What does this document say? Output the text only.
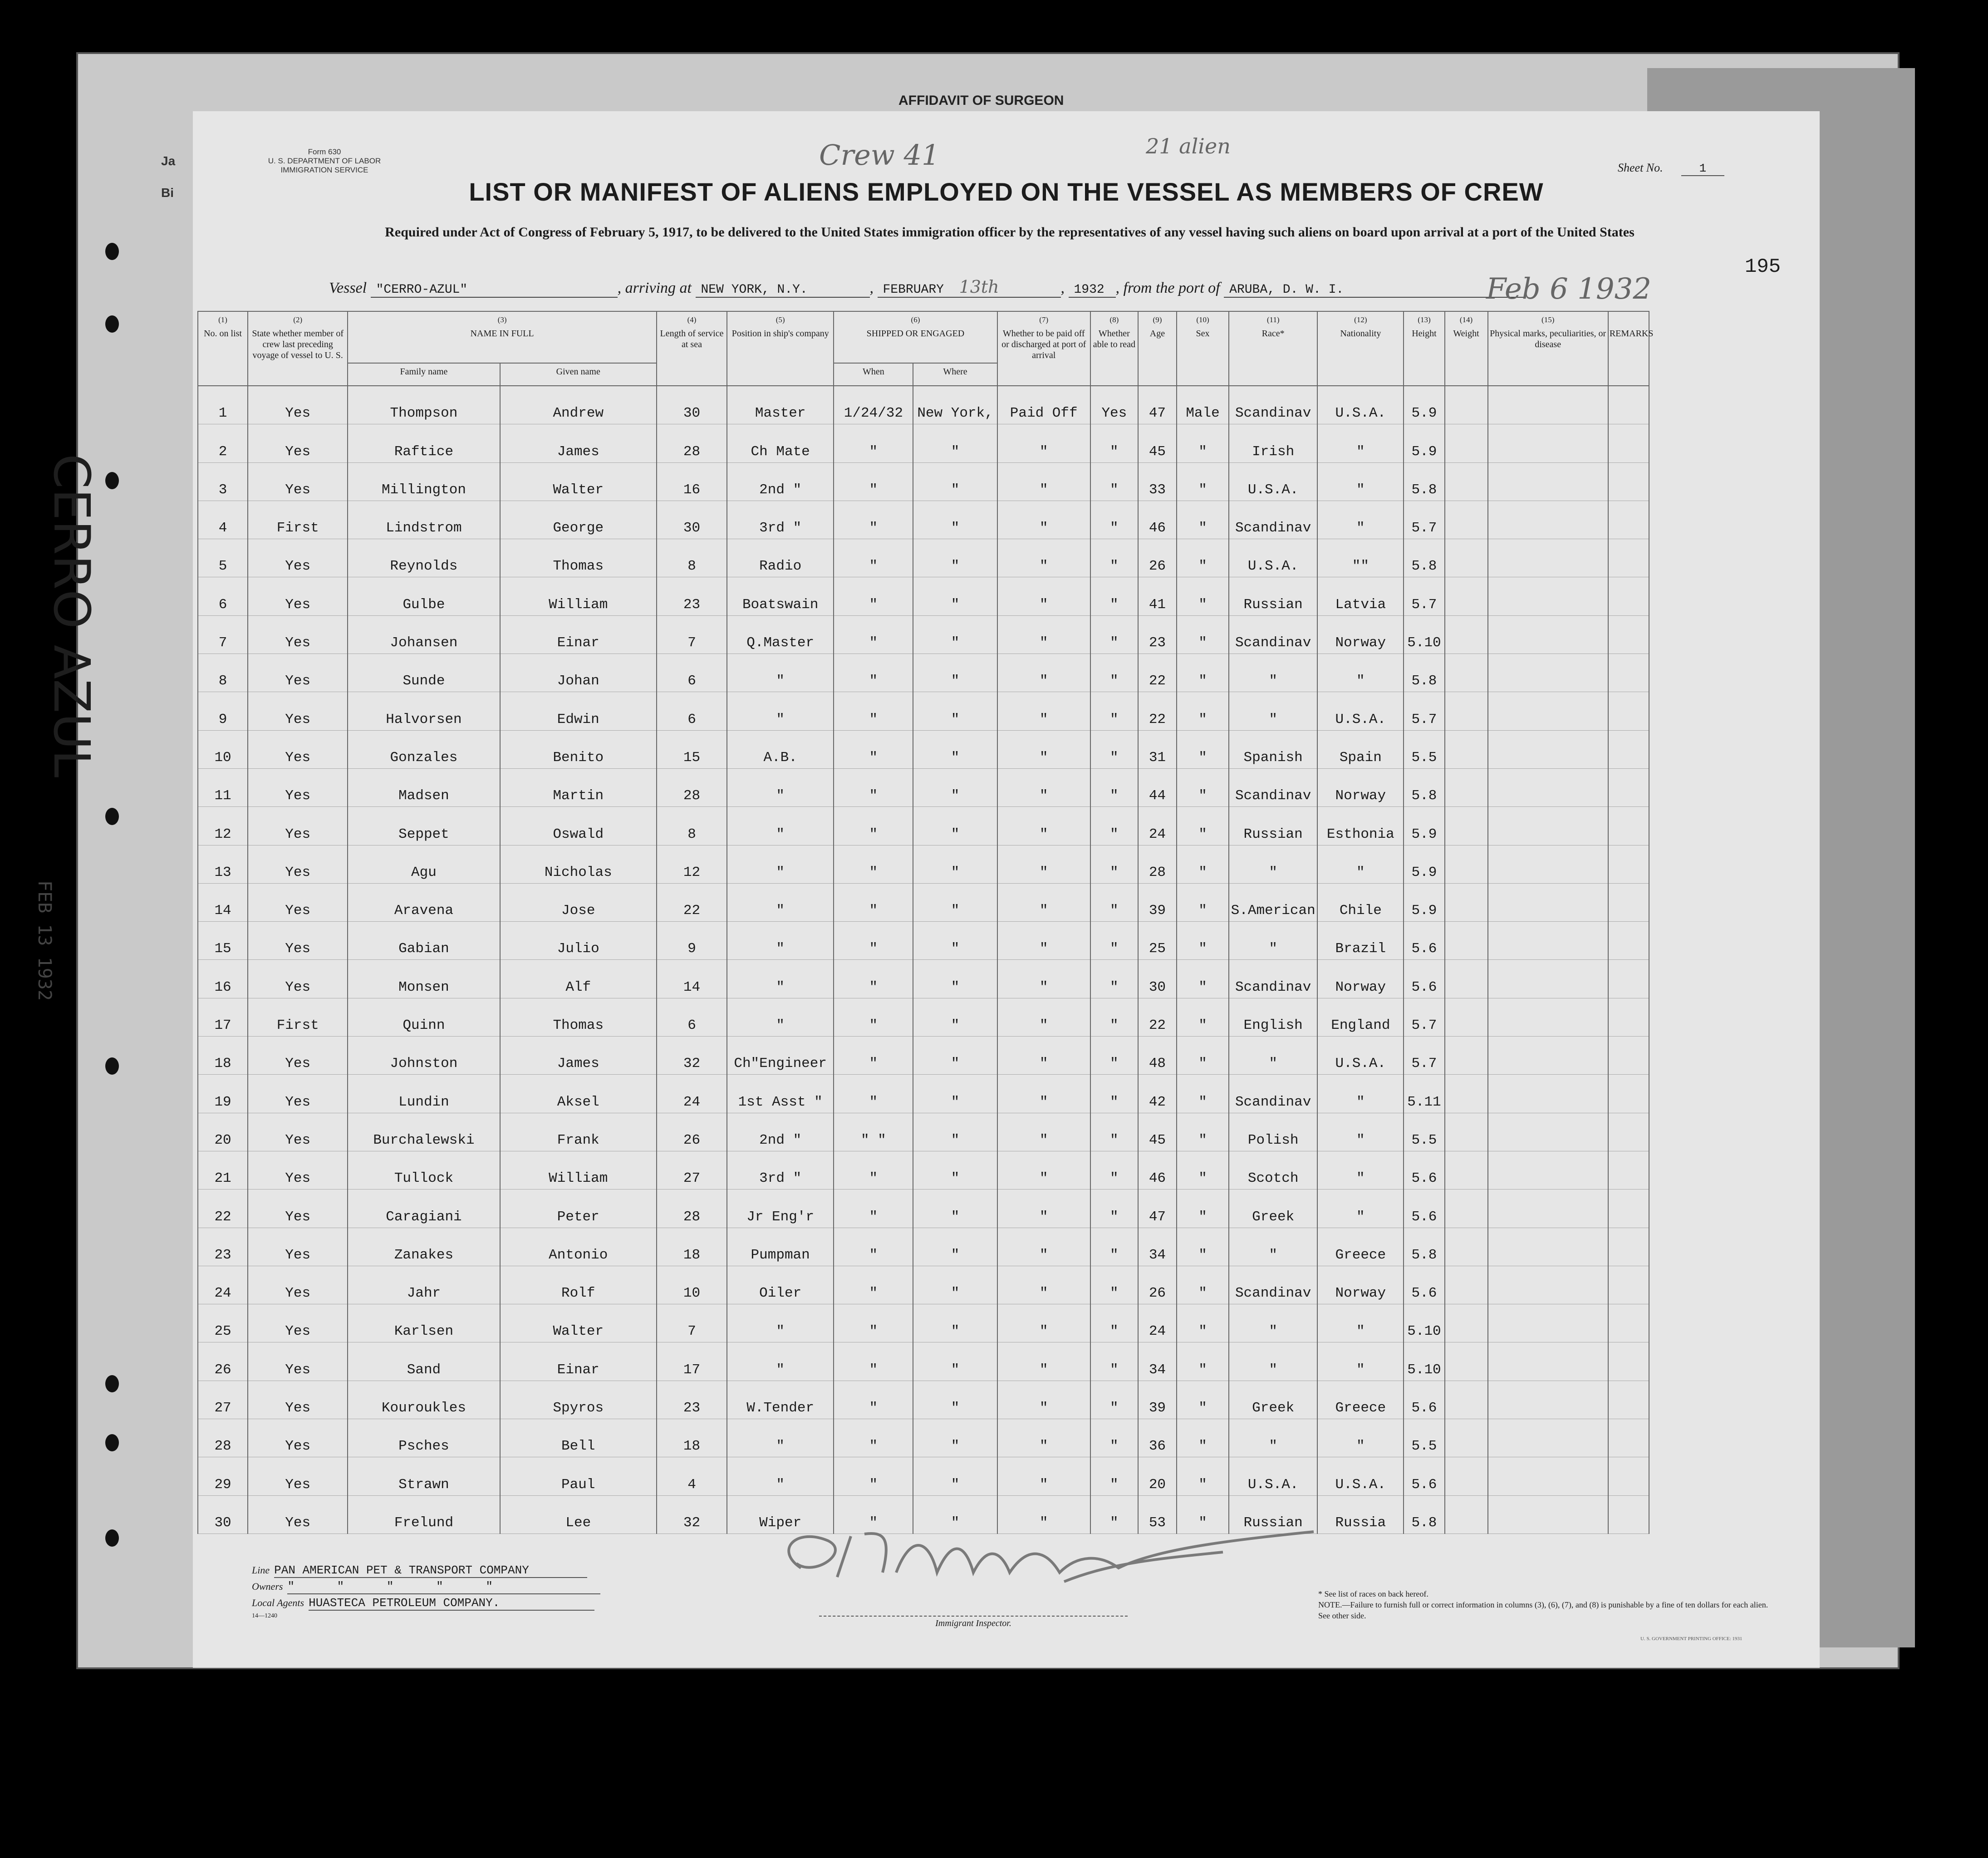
AFFIDAVIT OF SURGEON
Ja
Bi
Form 630
U. S. DEPARTMENT OF LABOR
IMMIGRATION SERVICE	Crew 41	21 alien
Sheet No.	1
LIST OR MANIFEST OF ALIENS EMPLOYED ON THE VESSEL AS MEMBERS OF CREW
Required under Act of Congress of February 5, 1917, to be delivered to the United States immigration officer by the representatives of any vessel having such aliens on board upon arrival at a port of the United States
195
Vessel "CERRO-AZUL"	, arriving at NEW YORK, N.Y.	, FEBRUARY 13th	, 1932 , from the port of ARUBA, D. W. I.	Feb 6 1932
(1)
No. on list	(2)
State whether member of crew last preceding voyage of vessel to U. S.	(3)
NAME IN FULL		(4)
Length of service at sea	(5)
Position in ship's company	(6)
SHIPPED OR ENGAGED		(7)
Whether to be paid off or discharged at port of arrival	(8)
Whether able to read	(9)
Age	(10)
Sex	(11)
Race*	(12)
Nationality	(13)
Height	(14)
Weight	(15)
Physical marks, peculiarities, or disease	REMARKS
		Family name	Given name			When	Where										
1	Yes	Thompson	Andrew	30	Master	1/24/32	New York,	Paid Off	Yes	47	Male	Scandinav	U.S.A.	5.9			
2	Yes	Raftice	James	28	Ch Mate	"	"	"	"	45	"	Irish	"	5.9			
3	Yes	Millington	Walter	16	2nd "	"	"	"	"	33	"	U.S.A.	"	5.8			
4	First	Lindstrom	George	30	3rd "	"	"	"	"	46	"	Scandinav	"	5.7			
5	Yes	Reynolds	Thomas	8	Radio	"	"	"	"	26	"	U.S.A.	""	5.8			
6	Yes	Gulbe	William	23	Boatswain	"	"	"	"	41	"	Russian	Latvia	5.7			
7	Yes	Johansen	Einar	7	Q.Master	"	"	"	"	23	"	Scandinav	Norway	5.10			
8	Yes	Sunde	Johan	6	"	"	"	"	"	22	"	"	"	5.8			
9	Yes	Halvorsen	Edwin	6	"	"	"	"	"	22	"	"	U.S.A.	5.7			
10	Yes	Gonzales	Benito	15	A.B.	"	"	"	"	31	"	Spanish	Spain	5.5			
11	Yes	Madsen	Martin	28	"	"	"	"	"	44	"	Scandinav	Norway	5.8			
12	Yes	Seppet	Oswald	8	"	"	"	"	"	24	"	Russian	Esthonia	5.9			
13	Yes	Agu	Nicholas	12	"	"	"	"	"	28	"	"	"	5.9			
14	Yes	Aravena	Jose	22	"	"	"	"	"	39	"	S.American	Chile	5.9			
15	Yes	Gabian	Julio	9	"	"	"	"	"	25	"	"	Brazil	5.6			
16	Yes	Monsen	Alf	14	"	"	"	"	"	30	"	Scandinav	Norway	5.6			
17	First	Quinn	Thomas	6	"	"	"	"	"	22	"	English	England	5.7			
18	Yes	Johnston	James	32	Ch"Engineer	"	"	"	"	48	"	"	U.S.A.	5.7			
19	Yes	Lundin	Aksel	24	1st Asst "	"	"	"	"	42	"	Scandinav	"	5.11			
20	Yes	Burchalewski	Frank	26	2nd "	" "	"	"	"	45	"	Polish	"	5.5			
21	Yes	Tullock	William	27	3rd "	"	"	"	"	46	"	Scotch	"	5.6			
22	Yes	Caragiani	Peter	28	Jr Eng'r	"	"	"	"	47	"	Greek	"	5.6			
23	Yes	Zanakes	Antonio	18	Pumpman	"	"	"	"	34	"	"	Greece	5.8			
24	Yes	Jahr	Rolf	10	Oiler	"	"	"	"	26	"	Scandinav	Norway	5.6			
25	Yes	Karlsen	Walter	7	"	"	"	"	"	24	"	"	"	5.10			
26	Yes	Sand	Einar	17	"	"	"	"	"	34	"	"	"	5.10			
27	Yes	Kouroukles	Spyros	23	W.Tender	"	"	"	"	39	"	Greek	Greece	5.6			
28	Yes	Psches	Bell	18	"	"	"	"	"	36	"	"	"	5.5			
29	Yes	Strawn	Paul	4	"	"	"	"	"	20	"	U.S.A.	U.S.A.	5.6			
30	Yes	Frelund	Lee	32	Wiper	"	"	"	"	53	"	Russian	Russia	5.8			
Line PAN AMERICAN PET & TRANSPORT COMPANY
Owners "      "      "      "      "
Local Agents HUASTECA PETROLEUM COMPANY.
14—1240
Immigrant Inspector.
* See list of races on back hereof.
NOTE.—Failure to furnish full or correct information in columns (3), (6), (7), and (8) is punishable by a fine of ten dollars for each alien. See other side.
U. S. GOVERNMENT PRINTING OFFICE: 1931
CERRO AZUL
FEB 13 1932
